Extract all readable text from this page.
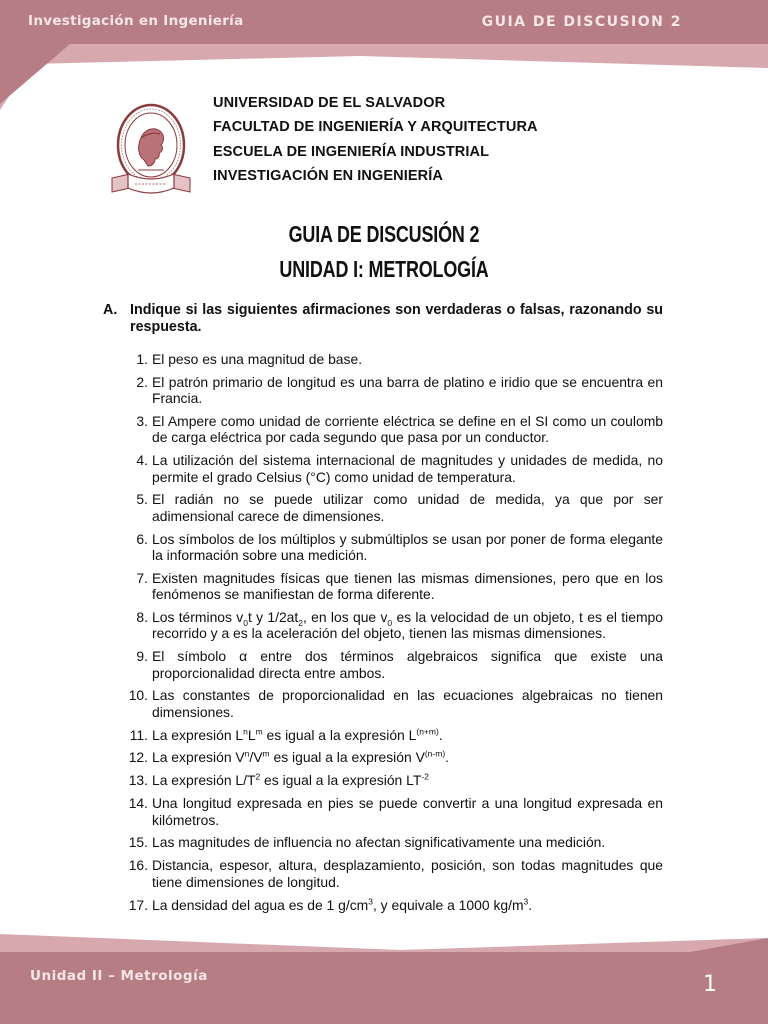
Investigación en Ingeniería	GUIA DE DISCUSION 2
UNIVERSIDAD DE EL SALVADOR
FACULTAD DE INGENIERÍA Y ARQUITECTURA
ESCUELA DE INGENIERÍA INDUSTRIAL
INVESTIGACIÓN EN INGENIERÍA
GUIA DE DISCUSIÓN 2
UNIDAD I: METROLOGÍA
A. Indique si las siguientes afirmaciones son verdaderas o falsas, razonando su respuesta.
1. El peso es una magnitud de base.
2. El patrón primario de longitud es una barra de platino e iridio que se encuentra en Francia.
3. El Ampere como unidad de corriente eléctrica se define en el SI como un coulomb de carga eléctrica por cada segundo que pasa por un conductor.
4. La utilización del sistema internacional de magnitudes y unidades de medida, no permite el grado Celsius (°C) como unidad de temperatura.
5. El radián no se puede utilizar como unidad de medida, ya que por ser adimensional carece de dimensiones.
6. Los símbolos de los múltiplos y submúltiplos se usan por poner de forma elegante la información sobre una medición.
7. Existen magnitudes físicas que tienen las mismas dimensiones, pero que en los fenómenos se manifiestan de forma diferente.
8. Los términos $v_0t$ y $1/2at_2$, en los que $v_0$ es la velocidad de un objeto, t es el tiempo recorrido y a es la aceleración del objeto, tienen las mismas dimensiones.
9. El símbolo α entre dos términos algebraicos significa que existe una proporcionalidad directa entre ambos.
10. Las constantes de proporcionalidad en las ecuaciones algebraicas no tienen dimensiones.
11. La expresión $L^nL^m$ es igual a la expresión $L^{(n+m)}$.
12. La expresión $V^n/V^m$ es igual a la expresión $V^{(n-m)}$.
13. La expresión $L/T^2$ es igual a la expresión $LT^{-2}$
14. Una longitud expresada en pies se puede convertir a una longitud expresada en kilómetros.
15. Las magnitudes de influencia no afectan significativamente una medición.
16. Distancia, espesor, altura, desplazamiento, posición, son todas magnitudes que tiene dimensiones de longitud.
17. La densidad del agua es de 1 $g/cm^3$, y equivale a 1000 $kg/m^3$.
Unidad II – Metrología	1
